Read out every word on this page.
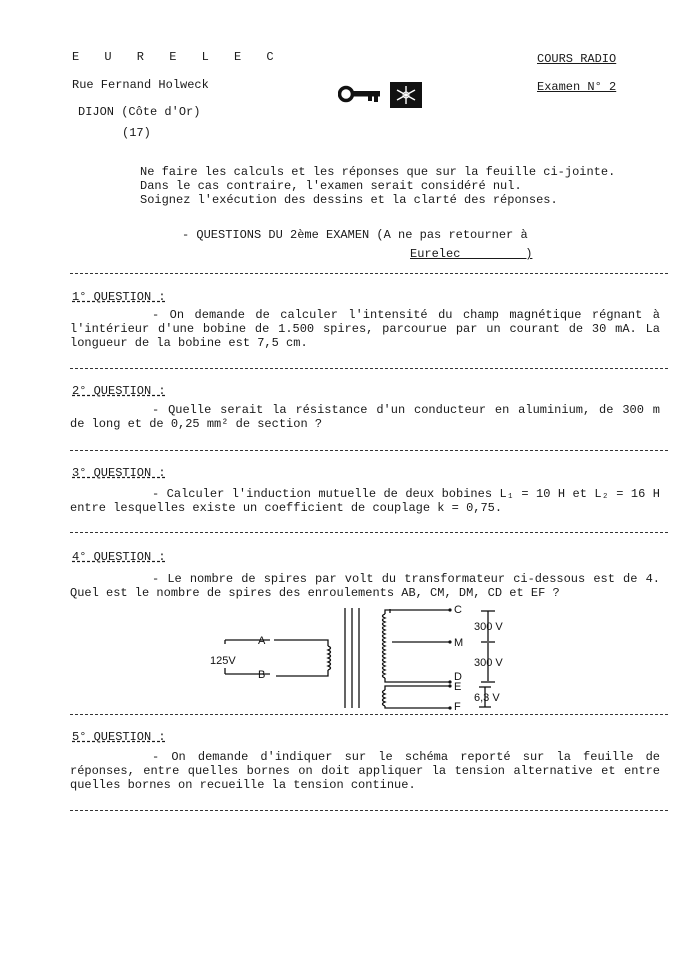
E U R E L E C
Rue Fernand Holweck
DIJON (Côte d'Or)
(17)
COURS RADIO
Examen N° 2
Ne faire les calculs et les réponses que sur la feuille ci-jointe.
Dans le cas contraire, l'examen serait considéré nul.
Soignez l'exécution des dessins et la clarté des réponses.
- QUESTIONS DU 2ème EXAMEN (A ne pas retourner à
Eurelec         )
1° QUESTION :
- On demande de calculer l'intensité du champ magnétique régnant à l'intérieur d'une bobine de 1.500 spires, parcourue par un courant de 30 mA. La longueur de la bobine est 7,5 cm.
2° QUESTION :
- Quelle serait la résistance d'un conducteur en aluminium, de 300 m de long et de 0,25 mm² de section ?
3° QUESTION :
- Calculer l'induction mutuelle de deux bobines L₁ = 10 H et L₂ = 16 H entre lesquelles existe un coefficient de couplage k = 0,75.
4° QUESTION :
- Le nombre de spires par volt du transformateur ci-dessous est de 4. Quel est le nombre de spires des enroulements AB, CM, DM, CD et EF ?
125V
A
B
C
M
D
E
F
300 V
300 V
6,3 V
5° QUESTION :
- On demande d'indiquer sur le schéma reporté sur la feuille de réponses, entre quelles bornes on doit appliquer la tension alternative et entre quelles bornes on recueille la tension continue.
